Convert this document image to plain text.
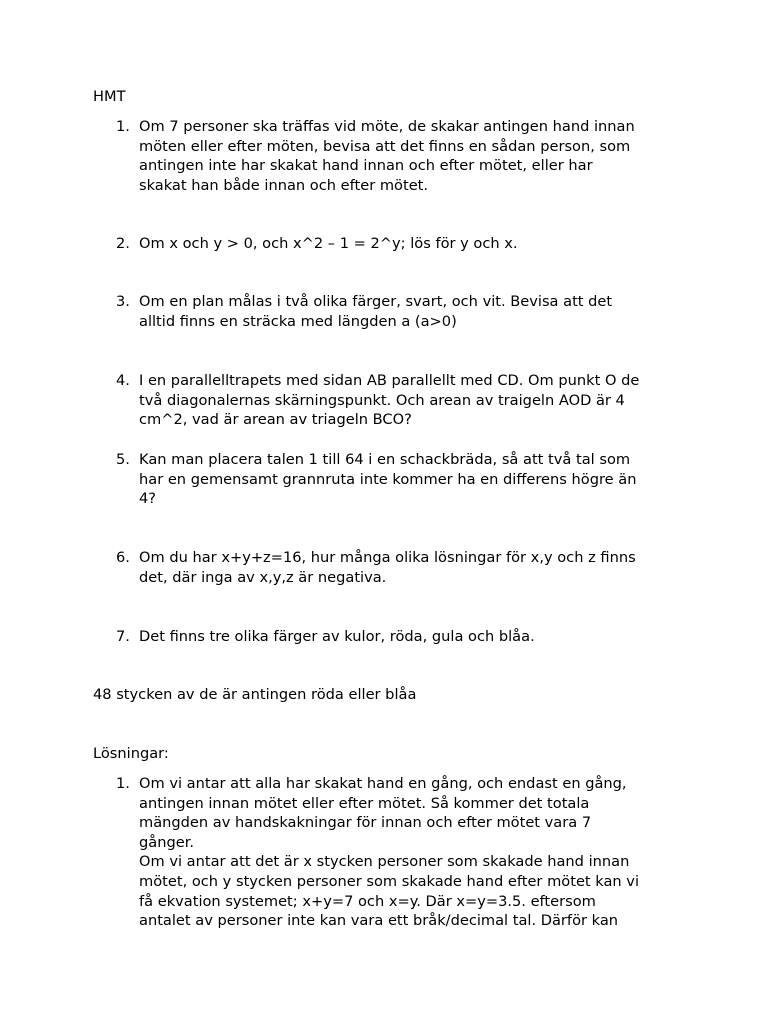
HMT
1. Om 7 personer ska träffas vid möte, de skakar antingen hand innan
möten eller efter möten, bevisa att det finns en sådan person, som
antingen inte har skakat hand innan och efter mötet, eller har
skakat han både innan och efter mötet.
2. Om x och y > 0, och x^2 – 1 = 2^y; lös för y och x.
3. Om en plan målas i två olika färger, svart, och vit. Bevisa att det
alltid finns en sträcka med längden a (a>0)
4. I en parallelltrapets med sidan AB parallellt med CD. Om punkt O de
två diagonalernas skärningspunkt. Och arean av traigeln AOD är 4
cm^2, vad är arean av triageln BCO?
5. Kan man placera talen 1 till 64 i en schackbräda, så att två tal som
har en gemensamt grannruta inte kommer ha en differens högre än
4?
6. Om du har x+y+z=16, hur många olika lösningar för x,y och z finns
det, där inga av x,y,z är negativa.
7. Det finns tre olika färger av kulor, röda, gula och blåa.
48 stycken av de är antingen röda eller blåa
Lösningar:
1. Om vi antar att alla har skakat hand en gång, och endast en gång,
antingen innan mötet eller efter mötet. Så kommer det totala
mängden av handskakningar för innan och efter mötet vara 7
gånger.
Om vi antar att det är x stycken personer som skakade hand innan
mötet, och y stycken personer som skakade hand efter mötet kan vi
få ekvation systemet; x+y=7 och x=y. Där x=y=3.5. eftersom
antalet av personer inte kan vara ett bråk/decimal tal. Därför kan
